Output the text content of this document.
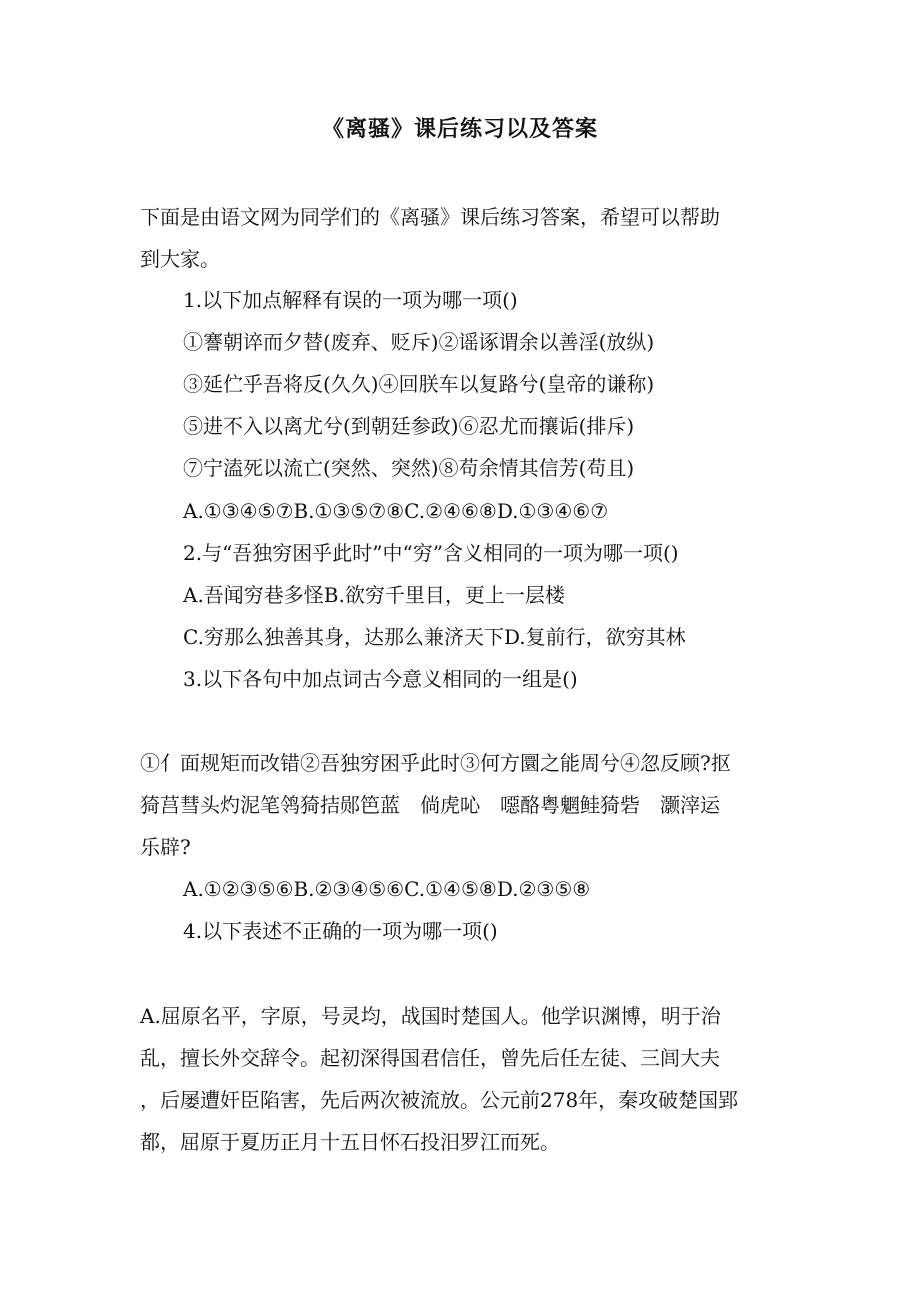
《离骚》课后练习以及答案
下面是由语文网为同学们的《离骚》课后练习答案，希望可以帮助
到大家。
1.以下加点解释有误的一项为哪一项()
①謇朝谇而夕替(废弃、贬斥)②谣诼谓余以善淫(放纵)
③延伫乎吾将反(久久)④回朕车以复路兮(皇帝的谦称)
⑤进不入以离尤兮(到朝廷参政)⑥忍尤而攘诟(排斥)
⑦宁溘死以流亡(突然、突然)⑧苟余情其信芳(苟且)
A.①③④⑤⑦B.①③⑤⑦⑧C.②④⑥⑧D.①③④⑥⑦
2.与“吾独穷困乎此时”中“穷”含义相同的一项为哪一项()
A.吾闻穷巷多怪B.欲穷千里目，更上一层楼
C.穷那么独善其身，达那么兼济天下D.复前行，欲穷其林
3.以下各句中加点词古今意义相同的一组是()
①亻面规矩而改错②吾独穷困乎此时③何方圜之能周兮④忽反顾?抠
猗莒彗头灼泥笔鸰猗拮郧笆蓝　倘虎吣　噁酪粤魍鲑猗砦　灏滓运
乐辟?
A.①②③⑤⑥B.②③④⑤⑥C.①④⑤⑧D.②③⑤⑧
4.以下表述不正确的一项为哪一项()
A.屈原名平，字原，号灵均，战国时楚国人。他学识渊博，明于治
乱，擅长外交辞令。起初深得国君信任，曾先后任左徒、三闾大夫
，后屡遭奸臣陷害，先后两次被流放。公元前278年，秦攻破楚国郢
都，屈原于夏历正月十五日怀石投汨罗江而死。
